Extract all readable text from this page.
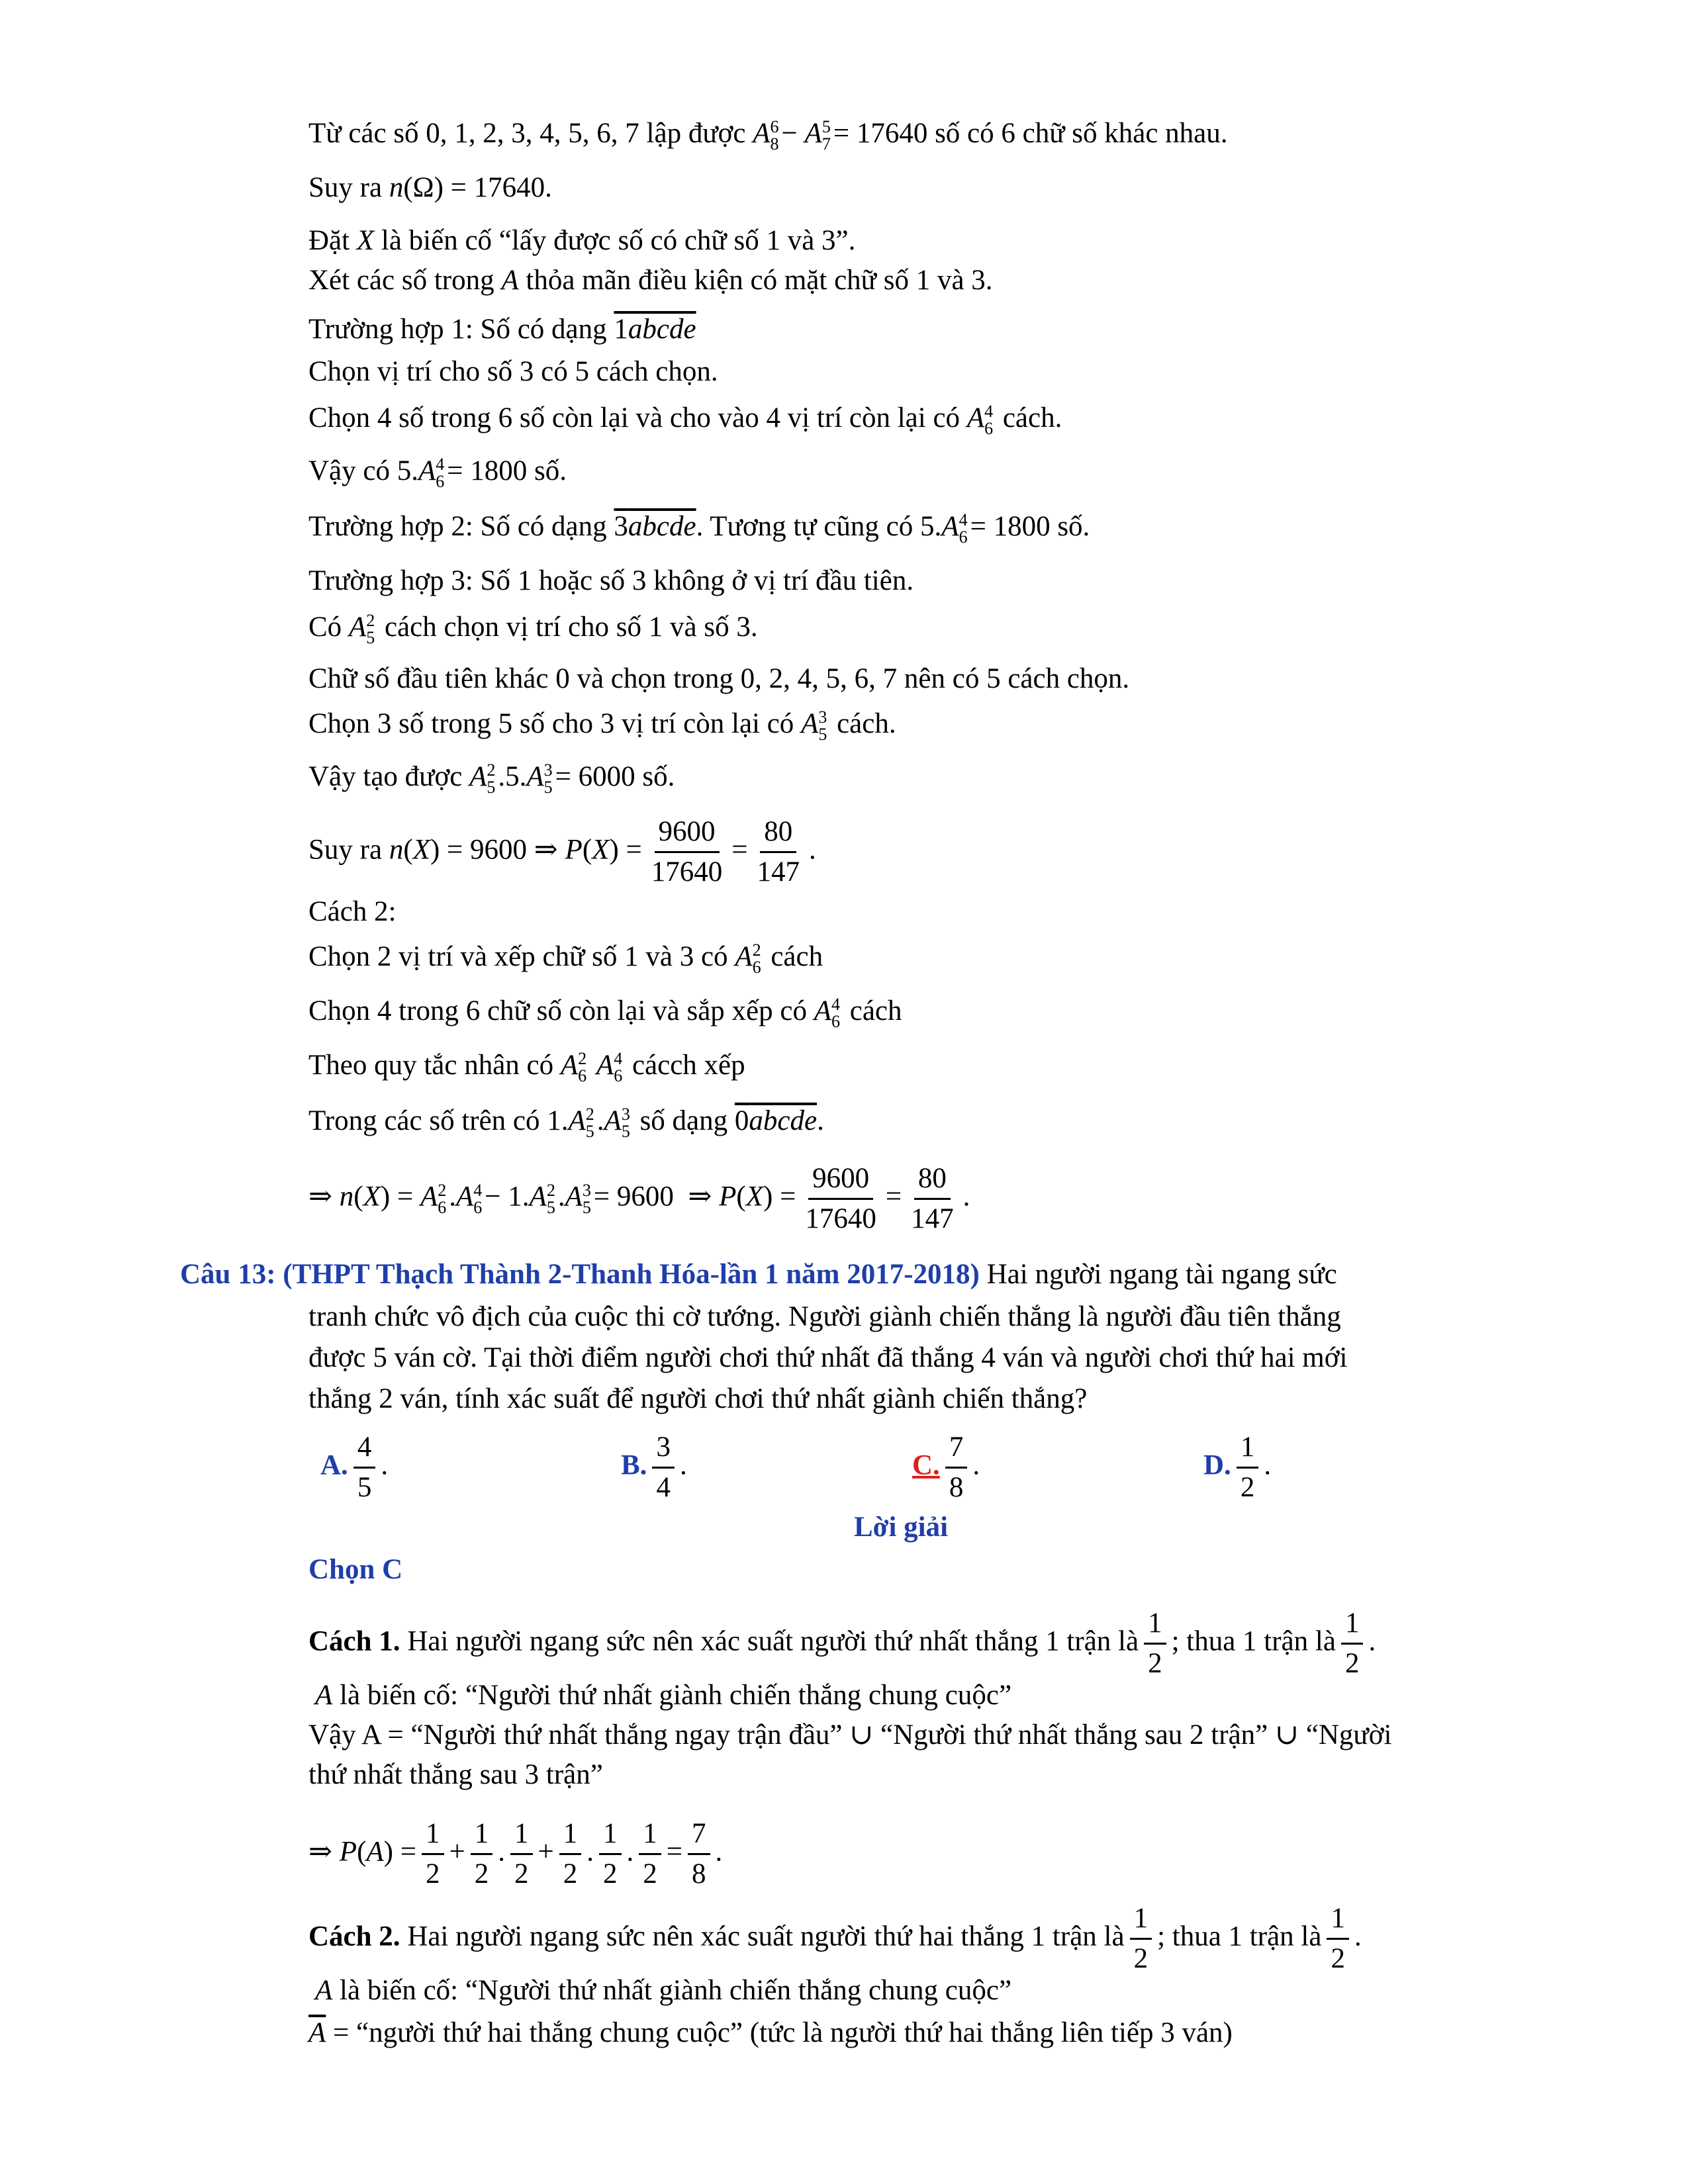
Từ các số 0, 1, 2, 3, 4, 5, 6, 7 lập được A 6
8 − A 5
7 = 17640 số có 6 chữ số khác nhau.
Suy ra n(Ω) = 17640.
Đặt X là biến cố “lấy được số có chữ số 1 và 3”.
Xét các số trong A thỏa mãn điều kiện có mặt chữ số 1 và 3.
Trường hợp 1: Số có dạng 1abcde
Chọn vị trí cho số 3 có 5 cách chọn.
Chọn 4 số trong 6 số còn lại và cho vào 4 vị trí còn lại có A 4
6 cách.
Vậy có 5.A 4
6 = 1800 số.
Trường hợp 2: Số có dạng 3abcde. Tương tự cũng có 5.A 4
6 = 1800 số.
Trường hợp 3: Số 1 hoặc số 3 không ở vị trí đầu tiên.
Có A 2
5 cách chọn vị trí cho số 1 và số 3.
Chữ số đầu tiên khác 0 và chọn trong 0, 2, 4, 5, 6, 7 nên có 5 cách chọn.
Chọn 3 số trong 5 số cho 3 vị trí còn lại có A 3
5 cách.
Vậy tạo được A 2
5 .5.A 3
5 = 6000 số.
Suy ra n(X) = 9600 ⇒ $P(X) = \frac{9600}{17640} = \frac{80}{147}$ .
Cách 2:
Chọn 2 vị trí và xếp chữ số 1 và 3 có A 2
6 cách
Chọn 4 trong 6 chữ số còn lại và sắp xếp có A 4
6 cách
Theo quy tắc nhân có A 2
6 A 4
6 cácch xếp
Trong các số trên có 1.A 2
5 .A 3
5 số dạng 0abcde.
⇒ n(X) = A 2
6 .A 4
6 − 1.A 2
5 .A 3
5 = 9600  ⇒ $P(X) = \frac{9600}{17640} = \frac{80}{147}$ .
Câu 13: (THPT Thạch Thành 2-Thanh Hóa-lần 1 năm 2017-2018) Hai người ngang tài ngang sức
tranh chức vô địch của cuộc thi cờ tướng. Người giành chiến thắng là người đầu tiên thắng
được 5 ván cờ. Tại thời điểm người chơi thứ nhất đã thắng 4 ván và người chơi thứ hai mới
thắng 2 ván, tính xác suất để người chơi thứ nhất giành chiến thắng?
A. $\frac{4}{5}$ .	B. $\frac{3}{4}$ .	C. $\frac{7}{8}$ .	D. $\frac{1}{2}$ .
Lời giải
Chọn C
Cách 1. Hai người ngang sức nên xác suất người thứ nhất thắng 1 trận là $\frac{1}{2}$ ; thua 1 trận là $\frac{1}{2}$ .
A là biến cố: “Người thứ nhất giành chiến thắng chung cuộc”
Vậy A = “Người thứ nhất thắng ngay trận đầu” ∪ “Người thứ nhất thắng sau 2 trận” ∪ “Người
thứ nhất thắng sau 3 trận”
⇒ $P(A) = \frac{1}{2} + \frac{1}{2}$ . $\frac{1}{2} + \frac{1}{2}$ . $\frac{1}{2}$ . $\frac{1}{2} = \frac{7}{8}$ .
Cách 2. Hai người ngang sức nên xác suất người thứ hai thắng 1 trận là $\frac{1}{2}$ ; thua 1 trận là $\frac{1}{2}$ .
A là biến cố: “Người thứ nhất giành chiến thắng chung cuộc”
$\overline{A}$ = “người thứ hai thắng chung cuộc” (tức là người thứ hai thắng liên tiếp 3 ván)
